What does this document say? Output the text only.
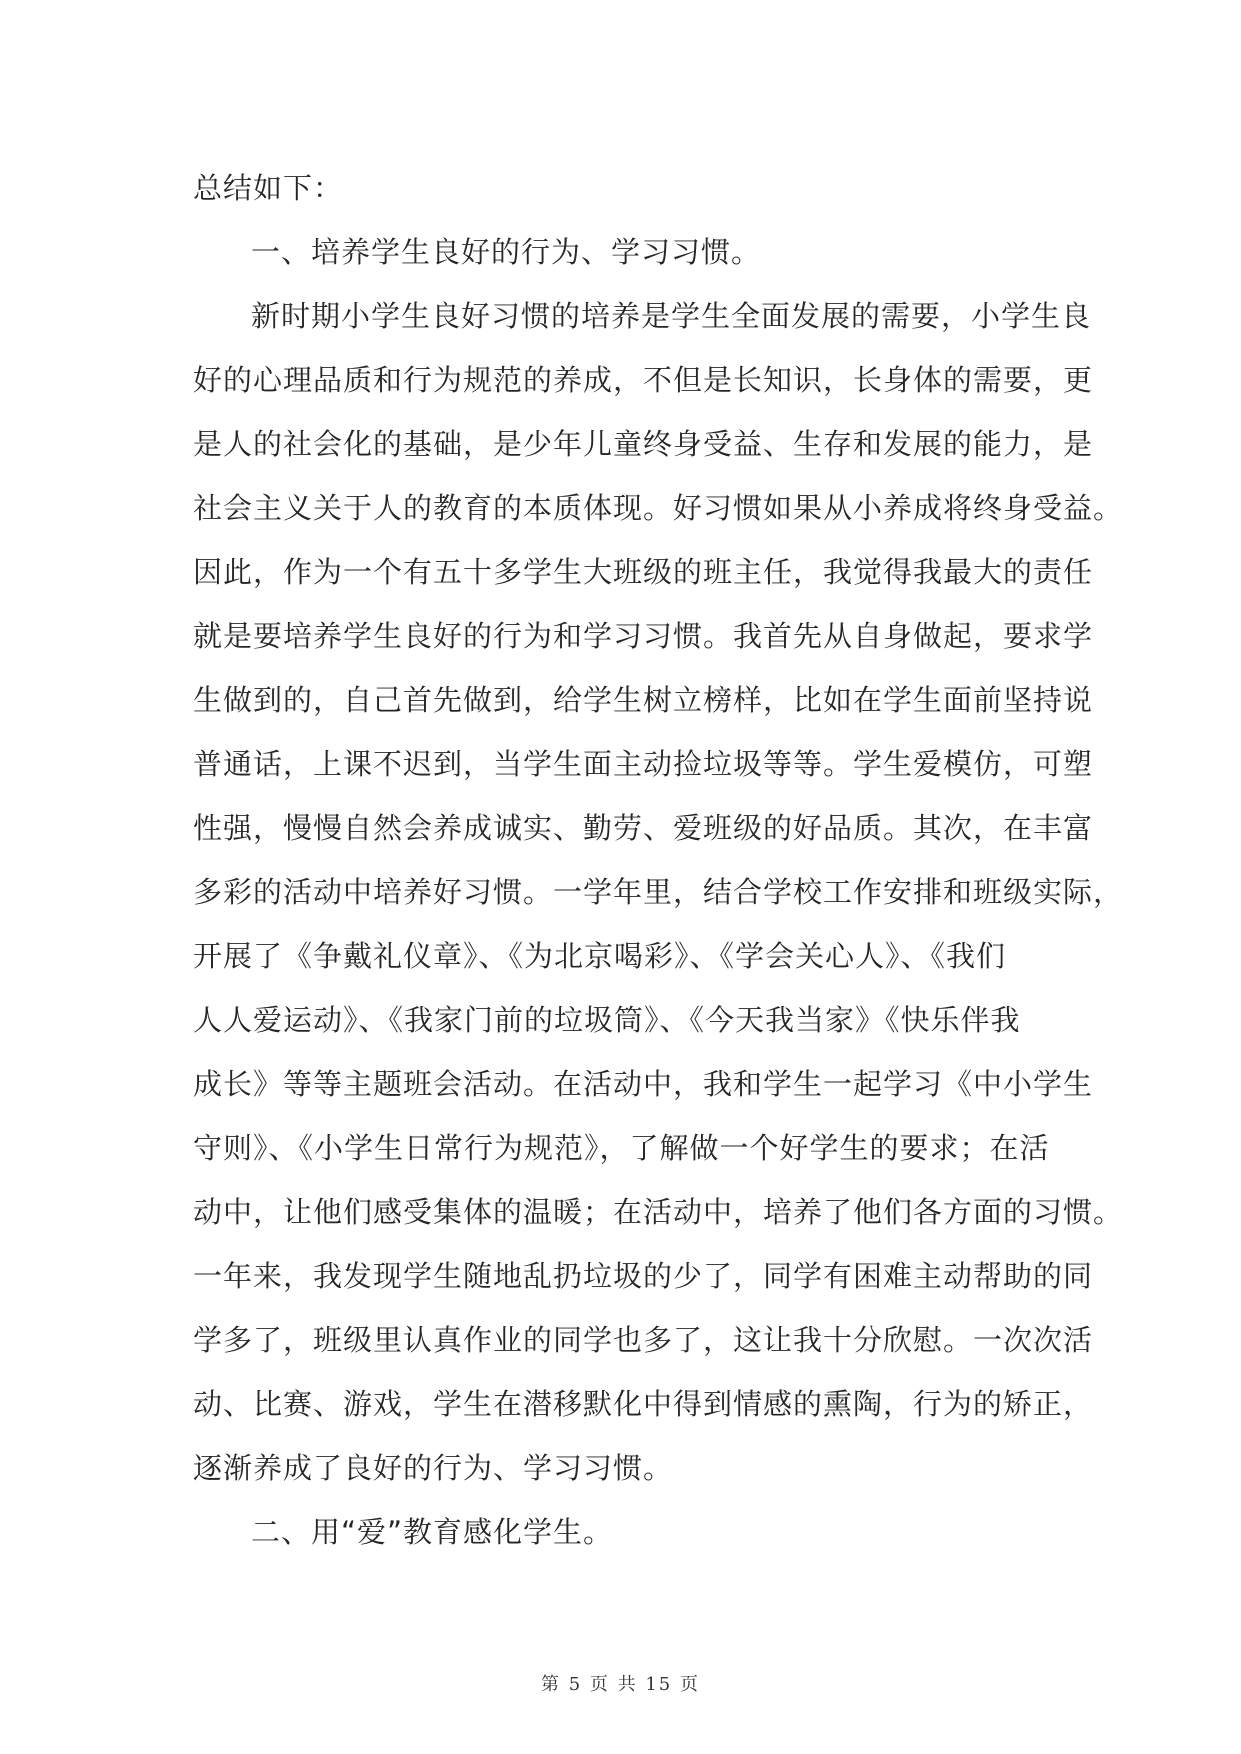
总结如下：
一、培养学生良好的行为、学习习惯。
新时期小学生良好习惯的培养是学生全面发展的需要，小学生良
好的心理品质和行为规范的养成，不但是长知识，长身体的需要，更
是人的社会化的基础，是少年儿童终身受益、生存和发展的能力，是
社会主义关于人的教育的本质体现。好习惯如果从小养成将终身受益。
因此，作为一个有五十多学生大班级的班主任，我觉得我最大的责任
就是要培养学生良好的行为和学习习惯。我首先从自身做起，要求学
生做到的，自己首先做到，给学生树立榜样，比如在学生面前坚持说
普通话，上课不迟到，当学生面主动捡垃圾等等。学生爱模仿，可塑
性强，慢慢自然会养成诚实、勤劳、爱班级的好品质。其次，在丰富
多彩的活动中培养好习惯。一学年里，结合学校工作安排和班级实际，
开展了《争戴礼仪章》、《为北京喝彩》、《学会关心人》、《我们
人人爱运动》、《我家门前的垃圾筒》、《今天我当家》《快乐伴我
成长》等等主题班会活动。在活动中，我和学生一起学习《中小学生
守则》、《小学生日常行为规范》，了解做一个好学生的要求；在活
动中，让他们感受集体的温暖；在活动中，培养了他们各方面的习惯。
一年来，我发现学生随地乱扔垃圾的少了，同学有困难主动帮助的同
学多了，班级里认真作业的同学也多了，这让我十分欣慰。一次次活
动、比赛、游戏，学生在潜移默化中得到情感的熏陶，行为的矫正，
逐渐养成了良好的行为、学习习惯。
二、用“爱”教育感化学生。
第 5 页 共 15 页
